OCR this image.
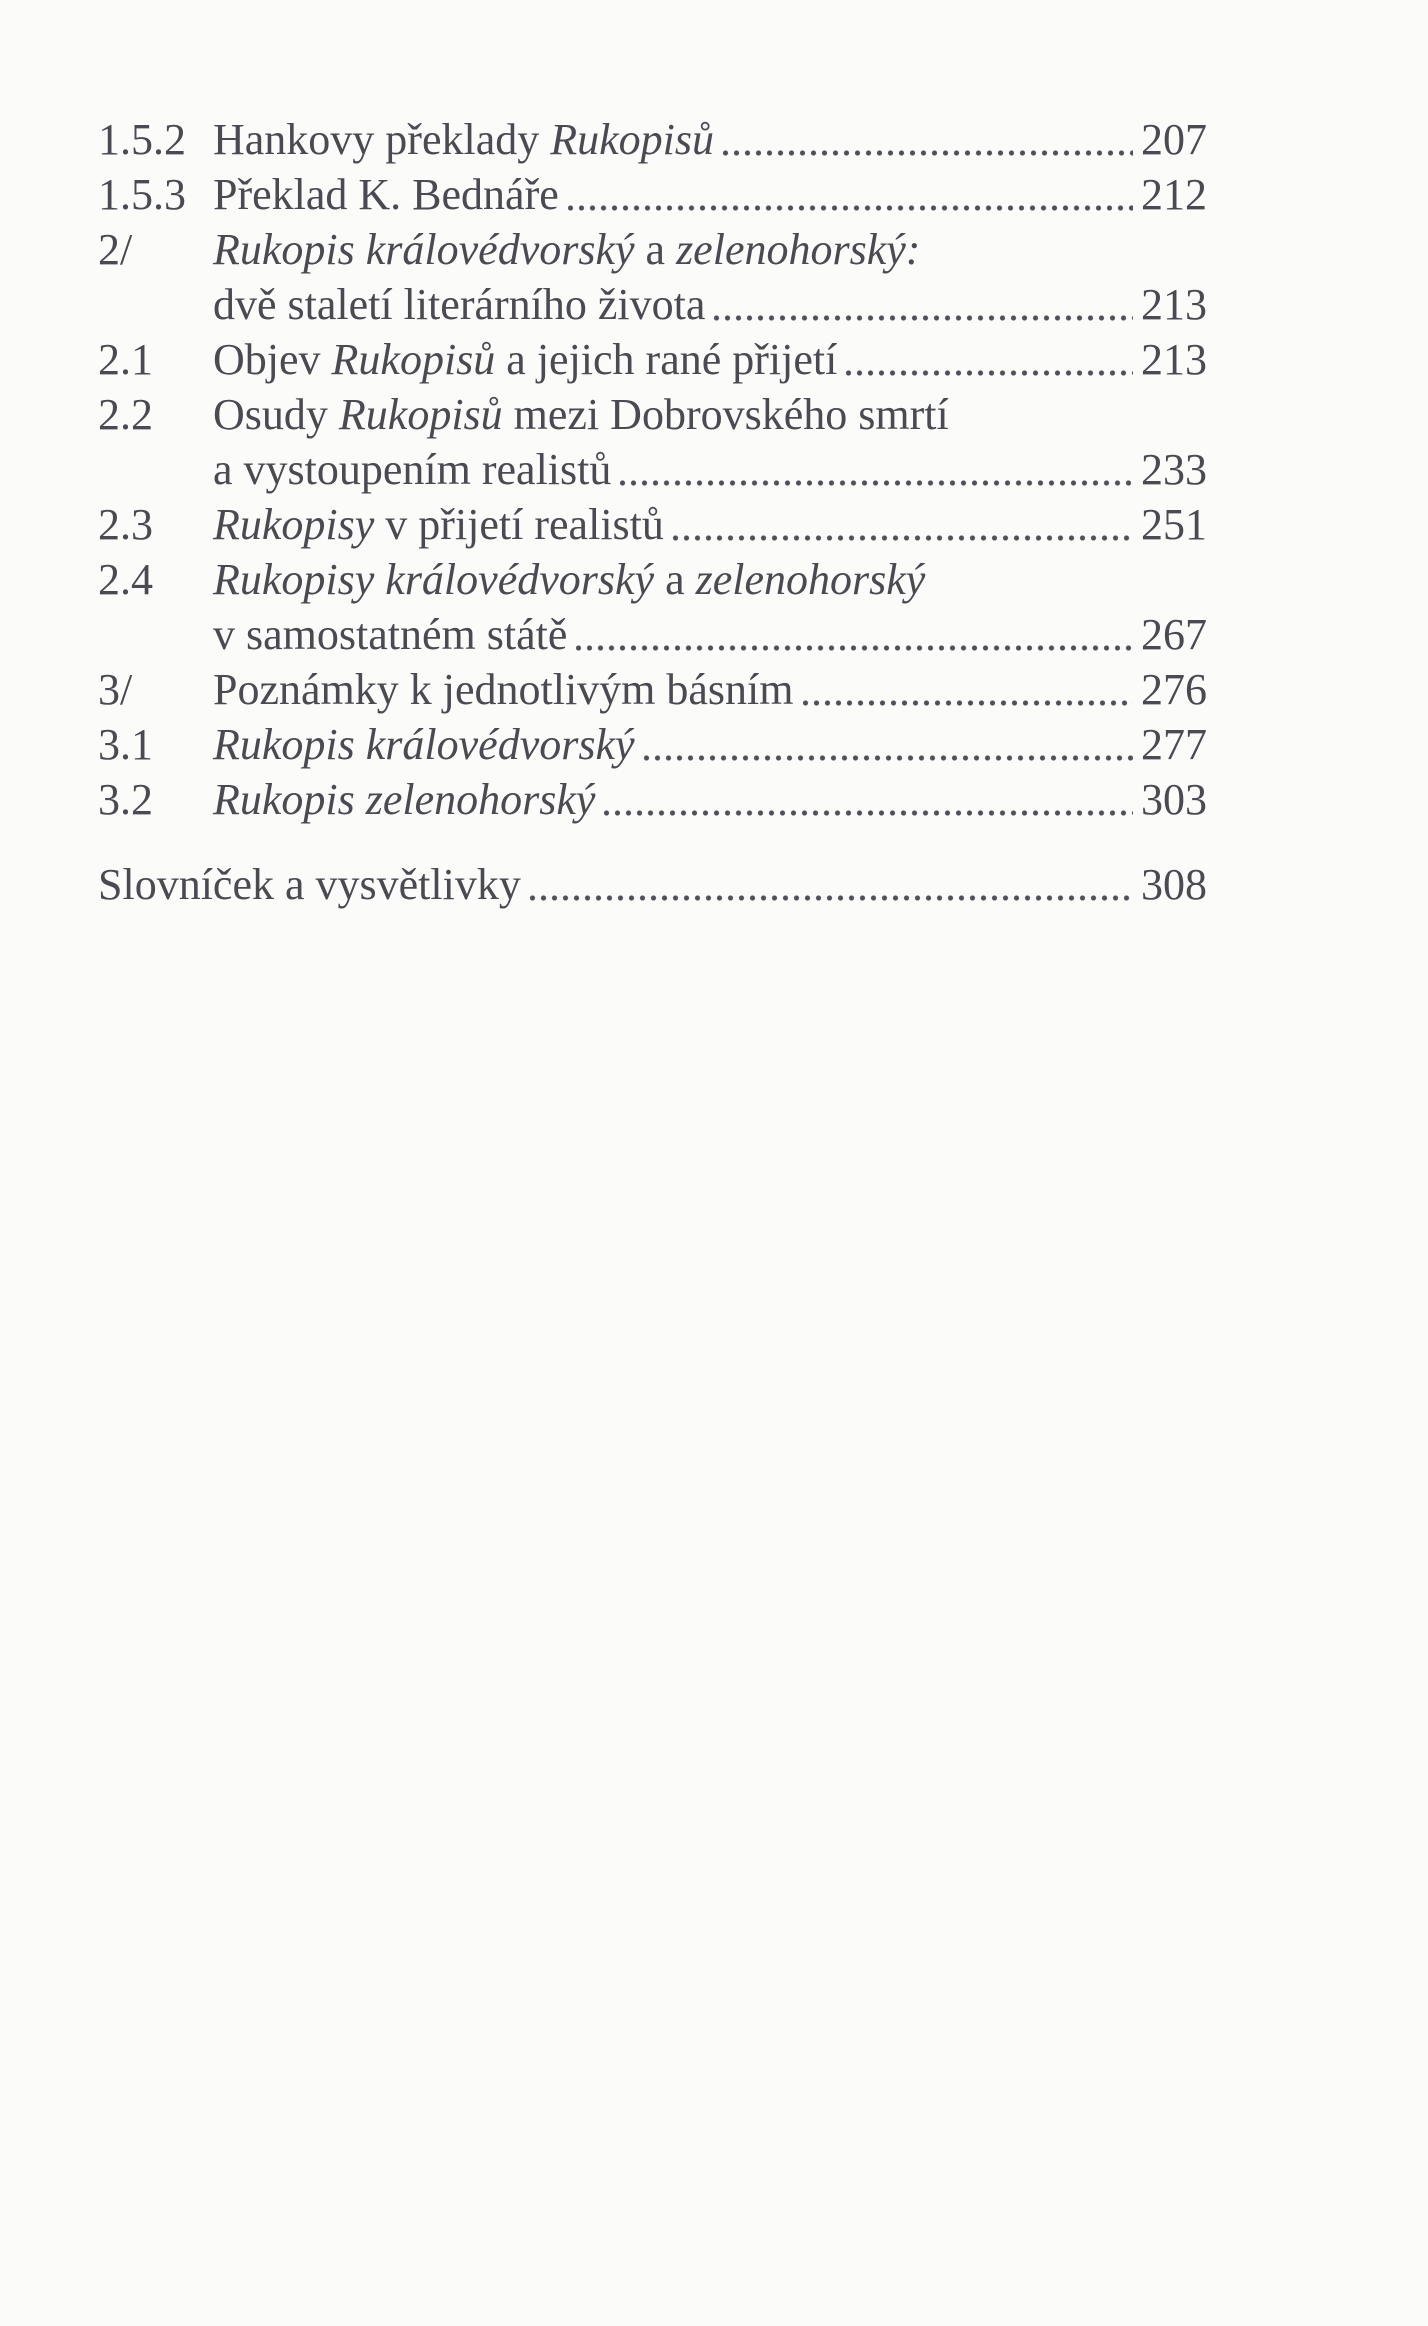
1.5.2 Hankovy překlady Rukopisů	207
1.5.3 Překlad K. Bednáře	212
2/	Rukopis královédvorský a zelenohorský:
dvě staletí literárního života	213
2.1	Objev Rukopisů a jejich rané přijetí	213
2.2	Osudy Rukopisů mezi Dobrovského smrtí
a vystoupením realistů	233
2.3	Rukopisy v přijetí realistů	251
2.4	Rukopisy královédvorský a zelenohorský
v samostatném státě	267
3/	Poznámky k jednotlivým básním	276
3.1	Rukopis královédvorský	277
3.2	Rukopis zelenohorský	303
Slovníček a vysvětlivky	308
